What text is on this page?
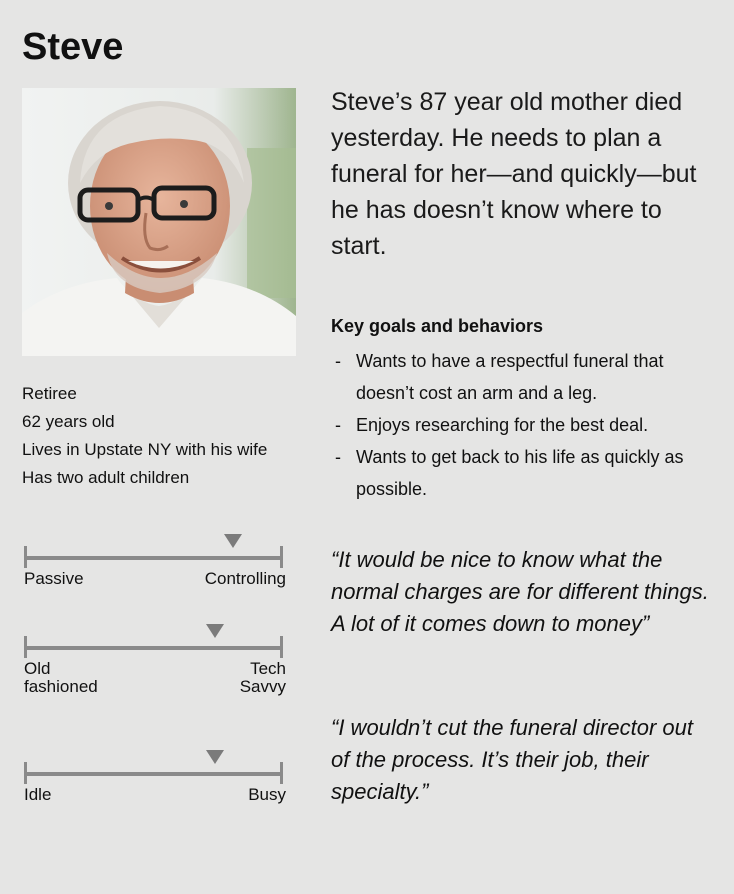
Steve
Retiree
62 years old
Lives in Upstate NY with his wife
Has two adult children
Passive	Controlling
Old
fashioned
Tech
Savvy
Idle	Busy

Steve’s 87 year old mother died yesterday. He needs to plan a funeral for her—and quickly—but he has doesn’t know where to start.

Key goals and behaviors
- Wants to have a respectful funeral that doesn’t cost an arm and a leg.
- Enjoys researching for the best deal.
- Wants to get back to his life as quickly as possible.

“It would be nice to know what the normal charges are for different things. A lot of it comes down to money”

“I wouldn’t cut the funeral director out of the process. It’s their job, their specialty.”
